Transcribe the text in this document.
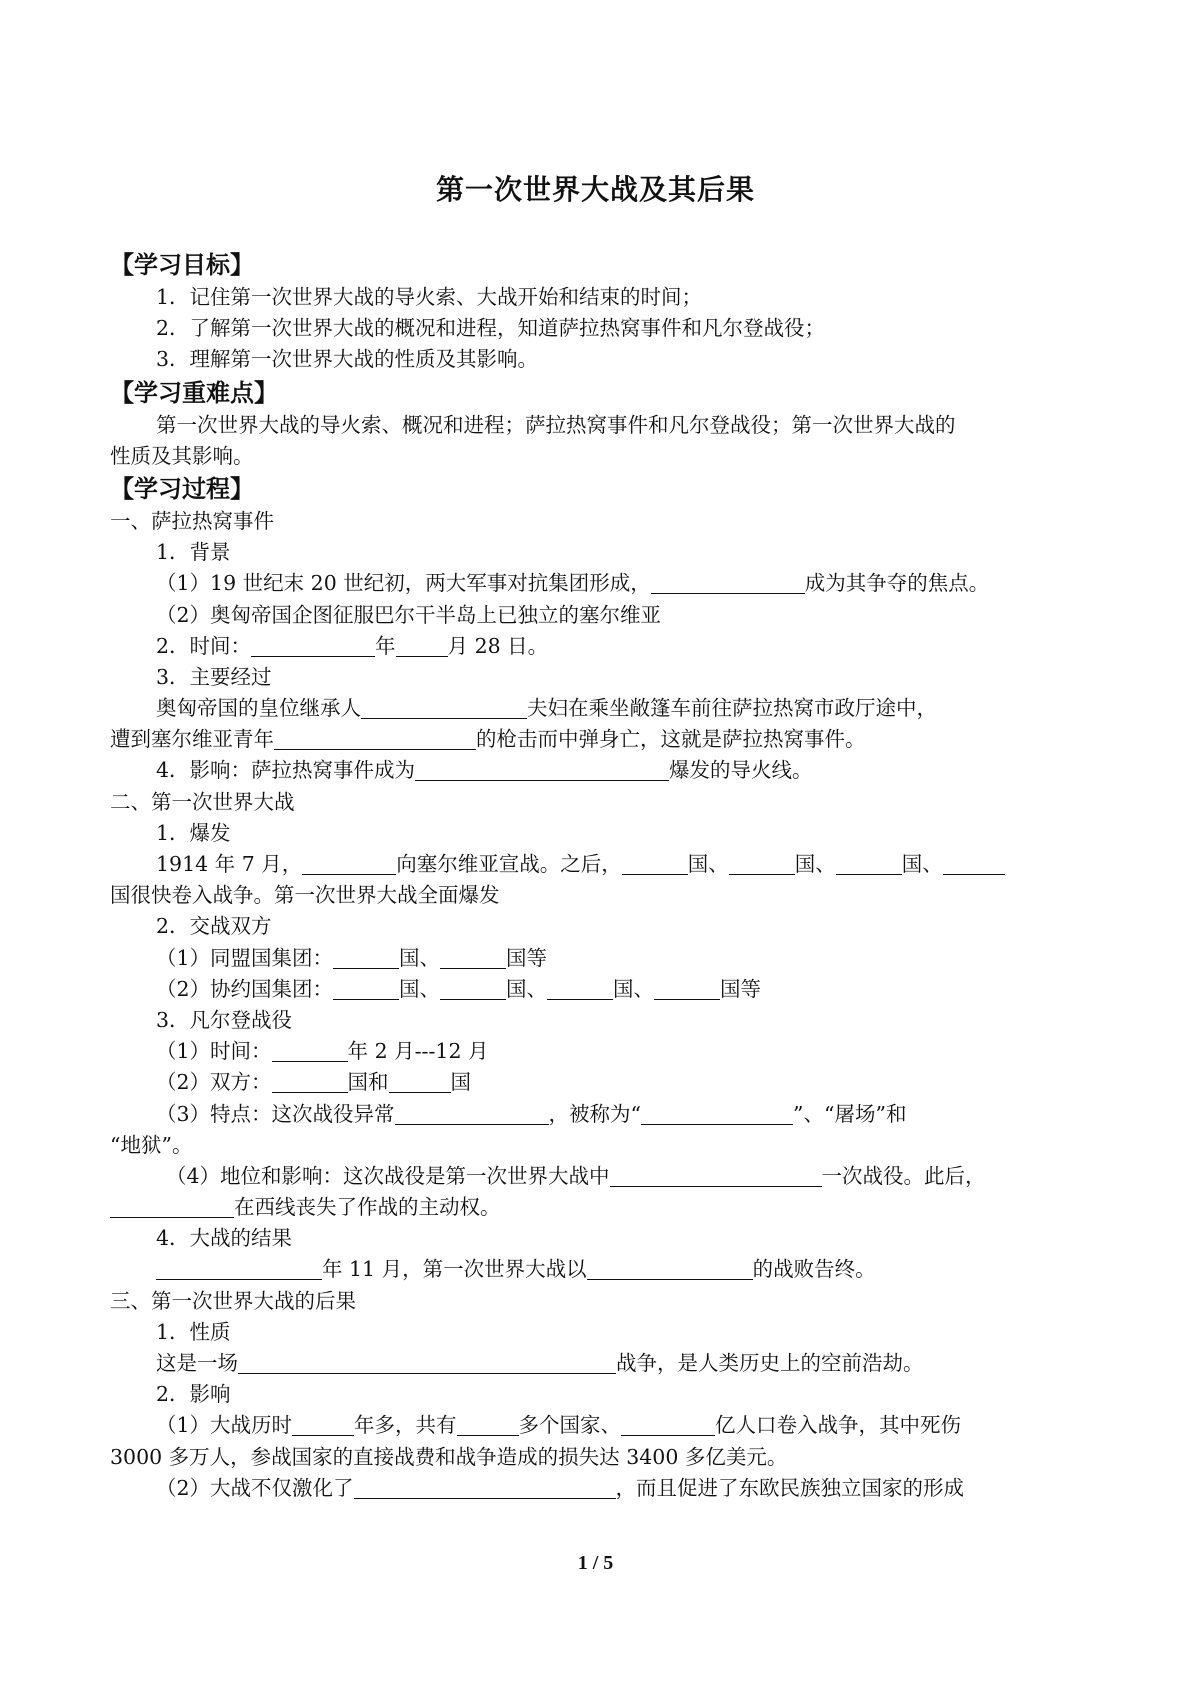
第一次世界大战及其后果
【学习目标】
1．记住第一次世界大战的导火索、大战开始和结束的时间；
2．了解第一次世界大战的概况和进程，知道萨拉热窝事件和凡尔登战役；
3．理解第一次世界大战的性质及其影响。
【学习重难点】
第一次世界大战的导火索、概况和进程；萨拉热窝事件和凡尔登战役；第一次世界大战的
性质及其影响。
【学习过程】
一、萨拉热窝事件
1．背景
（1）19 世纪末 20 世纪初，两大军事对抗集团形成，	成为其争夺的焦点。
（2）奥匈帝国企图征服巴尔干半岛上已独立的塞尔维亚
2．时间：	年	月 28 日。
3．主要经过
奥匈帝国的皇位继承人	夫妇在乘坐敞篷车前往萨拉热窝市政厅途中，
遭到塞尔维亚青年	的枪击而中弹身亡，这就是萨拉热窝事件。
4．影响：萨拉热窝事件成为	爆发的导火线。
二、第一次世界大战
1．爆发
1914 年 7 月，	向塞尔维亚宣战。之后，	国、	国、	国、
国很快卷入战争。第一次世界大战全面爆发
2．交战双方
（1）同盟国集团：	国、	国等
（2）协约国集团：	国、	国、	国、	国等
3．凡尔登战役
（1）时间：	年 2 月---12 月
（2）双方：	国和	国
（3）特点：这次战役异常	，被称为“	”、“屠场”和
“地狱”。
（4）地位和影响：这次战役是第一次世界大战中	一次战役。此后，
在西线丧失了作战的主动权。
4．大战的结果
年 11 月，第一次世界大战以	的战败告终。
三、第一次世界大战的后果
1．性质
这是一场	战争，是人类历史上的空前浩劫。
2．影响
（1）大战历时	年多，共有	多个国家、	亿人口卷入战争，其中死伤
3000 多万人，参战国家的直接战费和战争造成的损失达 3400 多亿美元。
（2）大战不仅激化了	，而且促进了东欧民族独立国家的形成
1 / 5
